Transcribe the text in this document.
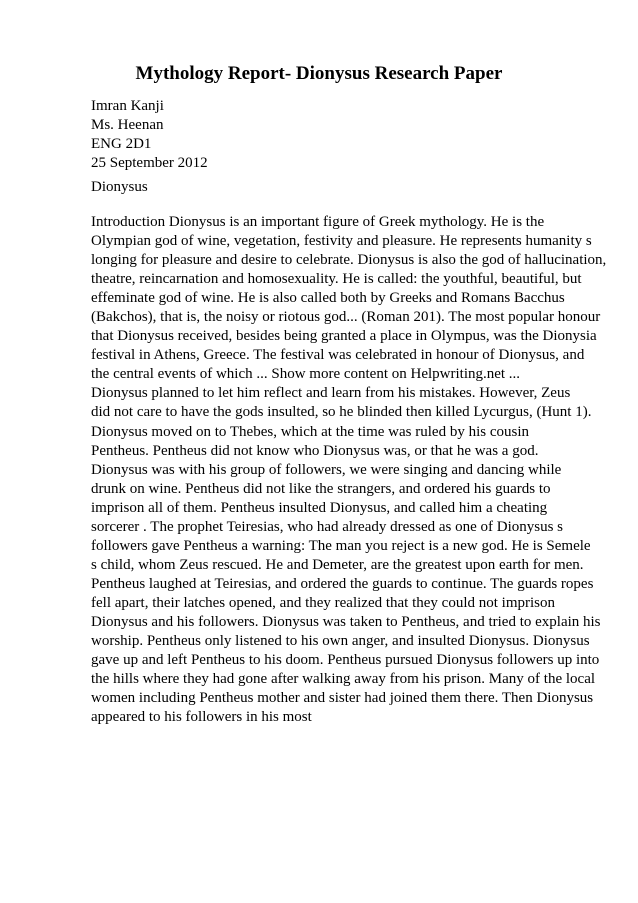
Mythology Report- Dionysus Research Paper
Imran Kanji
Ms. Heenan
ENG 2D1
25 September 2012
Dionysus
Introduction Dionysus is an important figure of Greek mythology. He is the
Olympian god of wine, vegetation, festivity and pleasure. He represents humanity s
longing for pleasure and desire to celebrate. Dionysus is also the god of hallucination,
theatre, reincarnation and homosexuality. He is called: the youthful, beautiful, but
effeminate god of wine. He is also called both by Greeks and Romans Bacchus
(Bakchos), that is, the noisy or riotous god... (Roman 201). The most popular honour
that Dionysus received, besides being granted a place in Olympus, was the Dionysia
festival in Athens, Greece. The festival was celebrated in honour of Dionysus, and
the central events of which ... Show more content on Helpwriting.net ...
Dionysus planned to let him reflect and learn from his mistakes. However, Zeus
did not care to have the gods insulted, so he blinded then killed Lycurgus, (Hunt 1).
Dionysus moved on to Thebes, which at the time was ruled by his cousin
Pentheus. Pentheus did not know who Dionysus was, or that he was a god.
Dionysus was with his group of followers, we were singing and dancing while
drunk on wine. Pentheus did not like the strangers, and ordered his guards to
imprison all of them. Pentheus insulted Dionysus, and called him a cheating
sorcerer . The prophet Teiresias, who had already dressed as one of Dionysus s
followers gave Pentheus a warning: The man you reject is a new god. He is Semele
s child, whom Zeus rescued. He and Demeter, are the greatest upon earth for men.
Pentheus laughed at Teiresias, and ordered the guards to continue. The guards ropes
fell apart, their latches opened, and they realized that they could not imprison
Dionysus and his followers. Dionysus was taken to Pentheus, and tried to explain his
worship. Pentheus only listened to his own anger, and insulted Dionysus. Dionysus
gave up and left Pentheus to his doom. Pentheus pursued Dionysus followers up into
the hills where they had gone after walking away from his prison. Many of the local
women including Pentheus mother and sister had joined them there. Then Dionysus
appeared to his followers in his most
